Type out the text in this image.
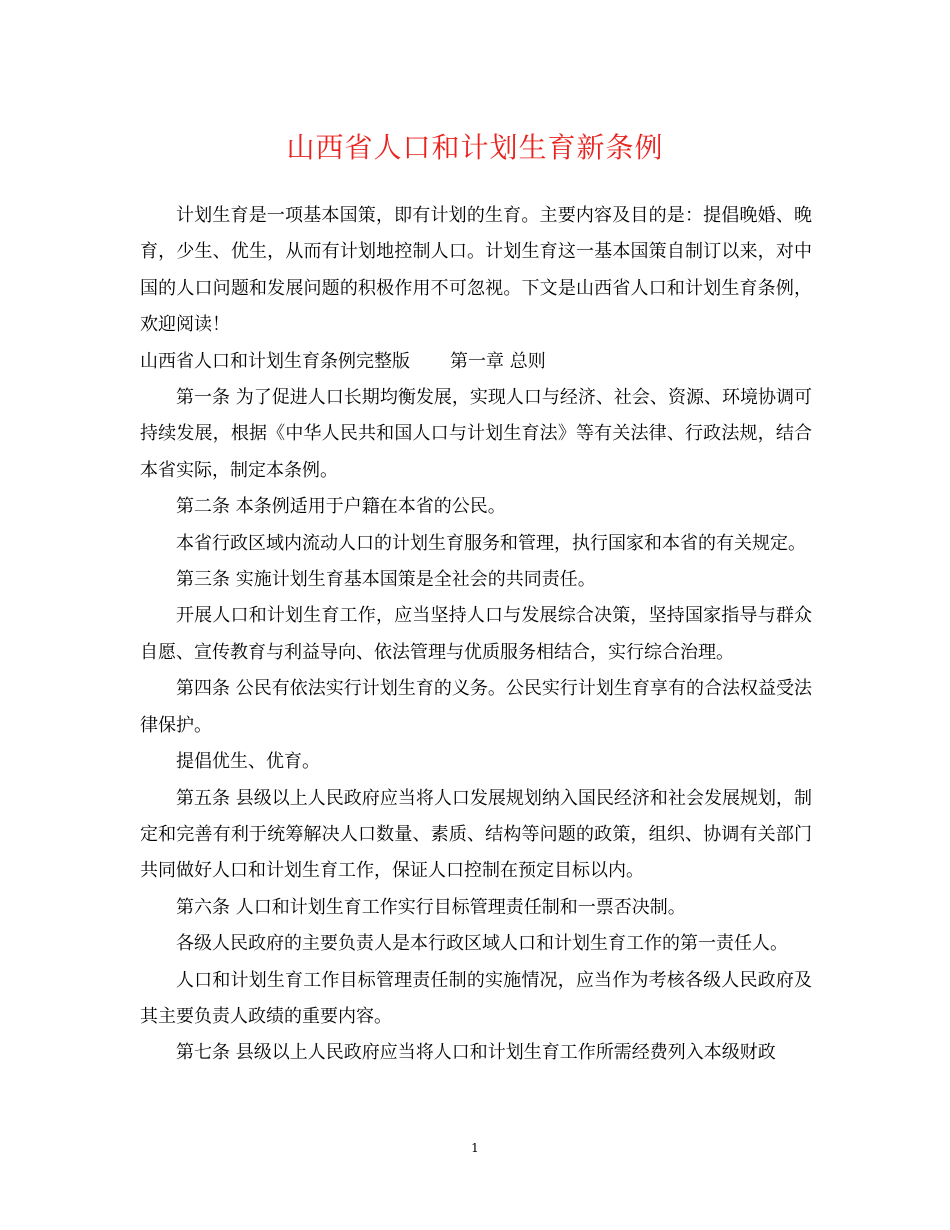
山西省人口和计划生育新条例

计划生育是一项基本国策，即有计划的生育。主要内容及目的是：提倡晚婚、晚育，少生、优生，从而有计划地控制人口。计划生育这一基本国策自制订以来，对中国的人口问题和发展问题的积极作用不可忽视。下文是山西省人口和计划生育条例，欢迎阅读！

山西省人口和计划生育条例完整版 第一章 总则

第一条 为了促进人口长期均衡发展，实现人口与经济、社会、资源、环境协调可持续发展，根据《中华人民共和国人口与计划生育法》等有关法律、行政法规，结合本省实际，制定本条例。

第二条 本条例适用于户籍在本省的公民。

本省行政区域内流动人口的计划生育服务和管理，执行国家和本省的有关规定。

第三条 实施计划生育基本国策是全社会的共同责任。

开展人口和计划生育工作，应当坚持人口与发展综合决策，坚持国家指导与群众自愿、宣传教育与利益导向、依法管理与优质服务相结合，实行综合治理。

第四条 公民有依法实行计划生育的义务。公民实行计划生育享有的合法权益受法律保护。

提倡优生、优育。

第五条 县级以上人民政府应当将人口发展规划纳入国民经济和社会发展规划，制定和完善有利于统筹解决人口数量、素质、结构等问题的政策，组织、协调有关部门共同做好人口和计划生育工作，保证人口控制在预定目标以内。

第六条 人口和计划生育工作实行目标管理责任制和一票否决制。

各级人民政府的主要负责人是本行政区域人口和计划生育工作的第一责任人。

人口和计划生育工作目标管理责任制的实施情况，应当作为考核各级人民政府及其主要负责人政绩的重要内容。

第七条 县级以上人民政府应当将人口和计划生育工作所需经费列入本级财政

1
